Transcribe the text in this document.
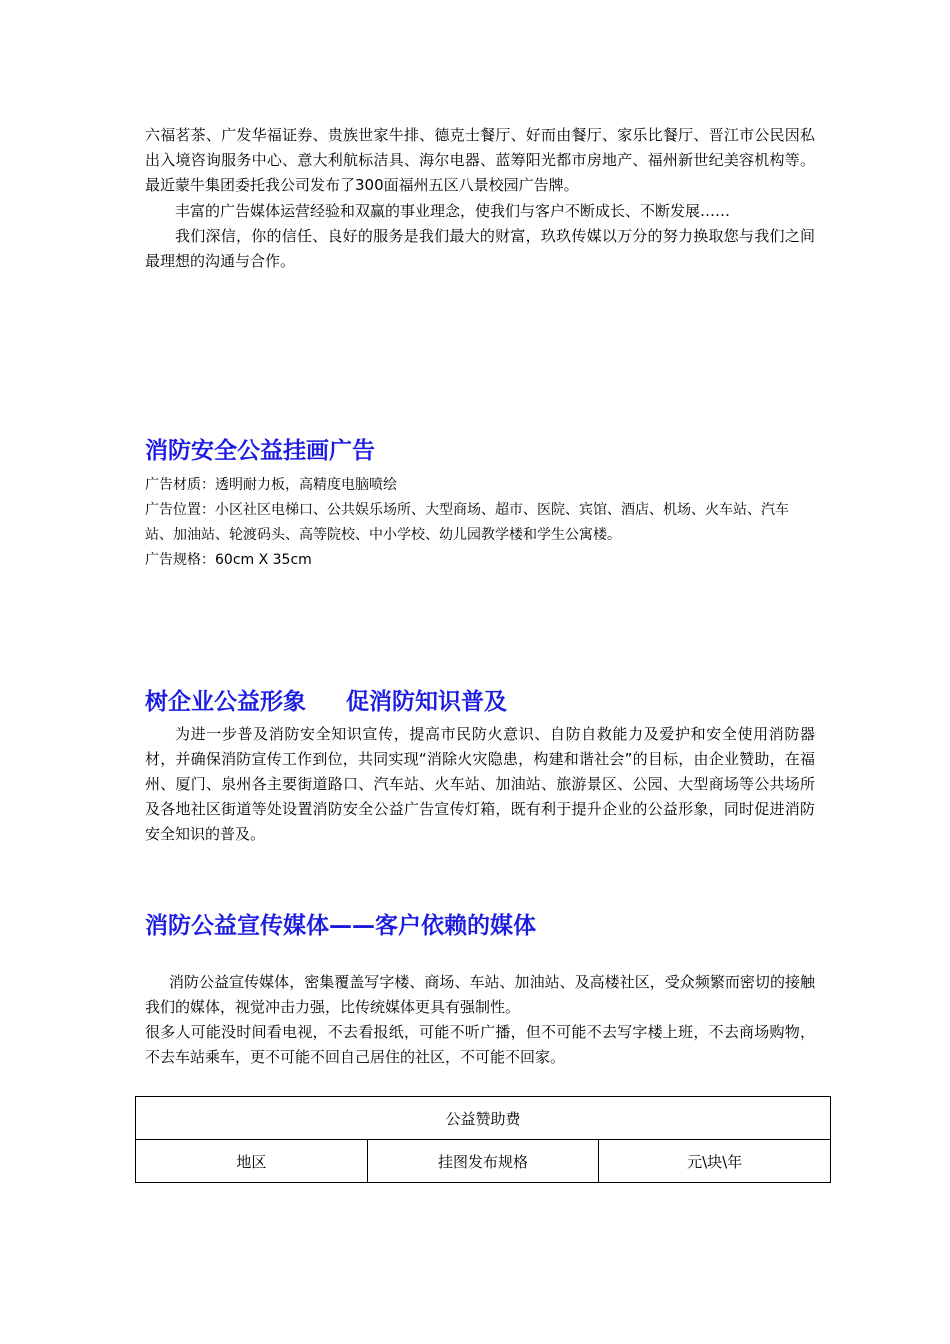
六福茗茶、广发华福证券、贵族世家牛排、德克士餐厅、好而由餐厅、家乐比餐厅、晋江市公民因私出入境咨询服务中心、意大利航标洁具、海尔电器、蓝筹阳光都市房地产、福州新世纪美容机构等。最近蒙牛集团委托我公司发布了300面福州五区八景校园广告牌。

丰富的广告媒体运营经验和双赢的事业理念，使我们与客户不断成长、不断发展……

我们深信，你的信任、良好的服务是我们最大的财富，玖玖传媒以万分的努力换取您与我们之间最理想的沟通与合作。

消防安全公益挂画广告
广告材质：透明耐力板，高精度电脑喷绘
广告位置：小区社区电梯口、公共娱乐场所、大型商场、超市、医院、宾馆、酒店、机场、火车站、汽车站、加油站、轮渡码头、高等院校、中小学校、幼儿园教学楼和学生公寓楼。
广告规格：60cm X 35cm
树企业公益形象 促消防知识普及

为进一步普及消防安全知识宣传，提高市民防火意识、自防自救能力及爱护和安全使用消防器材，并确保消防宣传工作到位，共同实现“消除火灾隐患，构建和谐社会”的目标，由企业赞助，在福州、厦门、泉州各主要街道路口、汽车站、火车站、加油站、旅游景区、公园、大型商场等公共场所及各地社区街道等处设置消防安全公益广告宣传灯箱，既有利于提升企业的公益形象，同时促进消防安全知识的普及。

消防公益宣传媒体——客户依赖的媒体

消防公益宣传媒体，密集覆盖写字楼、商场、车站、加油站、及高楼社区，受众频繁而密切的接触我们的媒体，视觉冲击力强，比传统媒体更具有强制性。

很多人可能没时间看电视，不去看报纸，可能不听广播，但不可能不去写字楼上班，不去商场购物，不去车站乘车，更不可能不回自己居住的社区，不可能不回家。

公益赞助费
地区	挂图发布规格	元\块\年
